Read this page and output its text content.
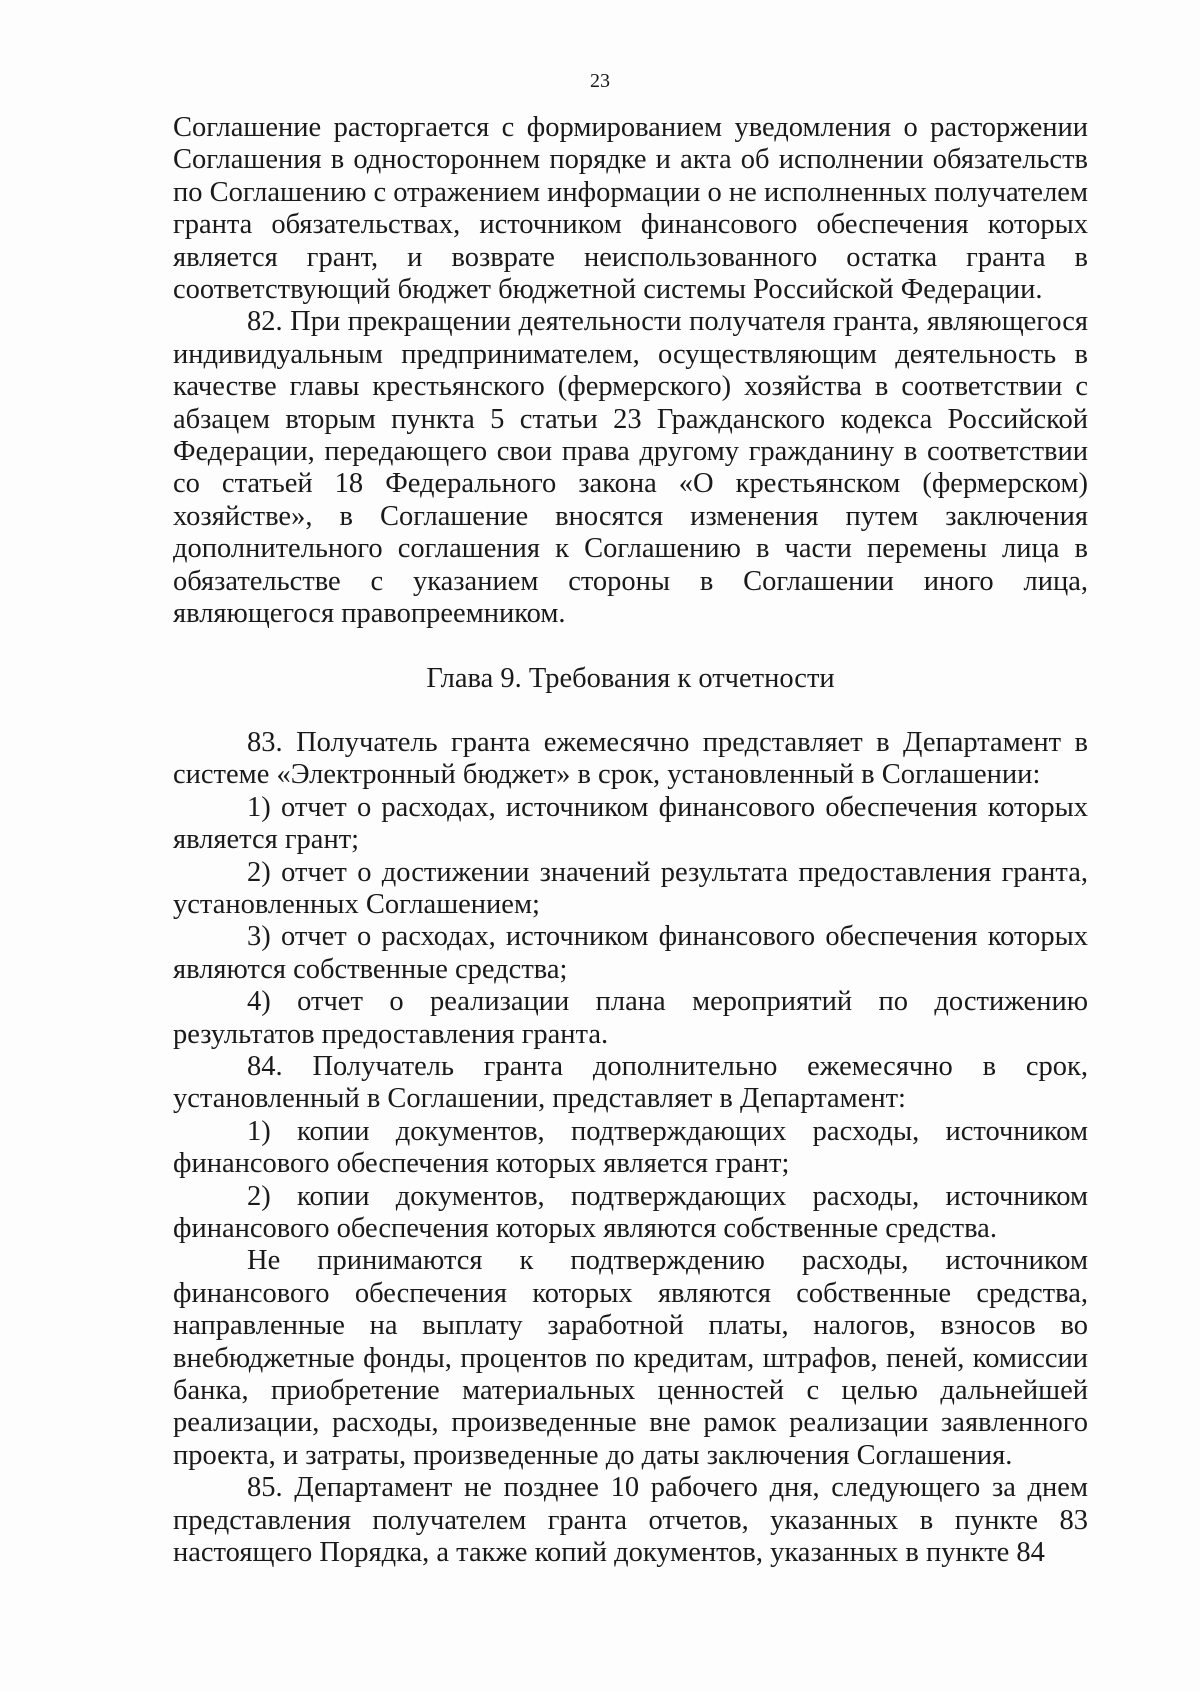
23

Соглашение расторгается с формированием уведомления о расторжении Соглашения в одностороннем порядке и акта об исполнении обязательств по Соглашению с отражением информации о не исполненных получателем гранта обязательствах, источником финансового обеспечения которых является грант, и возврате неиспользованного остатка гранта в соответствующий бюджет бюджетной системы Российской Федерации.

82. При прекращении деятельности получателя гранта, являющегося индивидуальным предпринимателем, осуществляющим деятельность в качестве главы крестьянского (фермерского) хозяйства в соответствии с абзацем вторым пункта 5 статьи 23 Гражданского кодекса Российской Федерации, передающего свои права другому гражданину в соответствии со статьей 18 Федерального закона «О крестьянском (фермерском) хозяйстве», в Соглашение вносятся изменения путем заключения дополнительного соглашения к Соглашению в части перемены лица в обязательстве с указанием стороны в Соглашении иного лица, являющегося правопреемником.

Глава 9. Требования к отчетности

83. Получатель гранта ежемесячно представляет в Департамент в системе «Электронный бюджет» в срок, установленный в Соглашении:

1) отчет о расходах, источником финансового обеспечения которых является грант;

2) отчет о достижении значений результата предоставления гранта, установленных Соглашением;

3) отчет о расходах, источником финансового обеспечения которых являются собственные средства;

4) отчет о реализации плана мероприятий по достижению результатов предоставления гранта.

84. Получатель гранта дополнительно ежемесячно в срок, установленный в Соглашении, представляет в Департамент:

1) копии документов, подтверждающих расходы, источником финансового обеспечения которых является грант;

2) копии документов, подтверждающих расходы, источником финансового обеспечения которых являются собственные средства.

Не принимаются к подтверждению расходы, источником финансового обеспечения которых являются собственные средства, направленные на выплату заработной платы, налогов, взносов во внебюджетные фонды, процентов по кредитам, штрафов, пеней, комиссии банка, приобретение материальных ценностей с целью дальнейшей реализации, расходы, произведенные вне рамок реализации заявленного проекта, и затраты, произведенные до даты заключения Соглашения.

85. Департамент не позднее 10 рабочего дня, следующего за днем представления получателем гранта отчетов, указанных в пункте 83 настоящего Порядка, а также копий документов, указанных в пункте 84
